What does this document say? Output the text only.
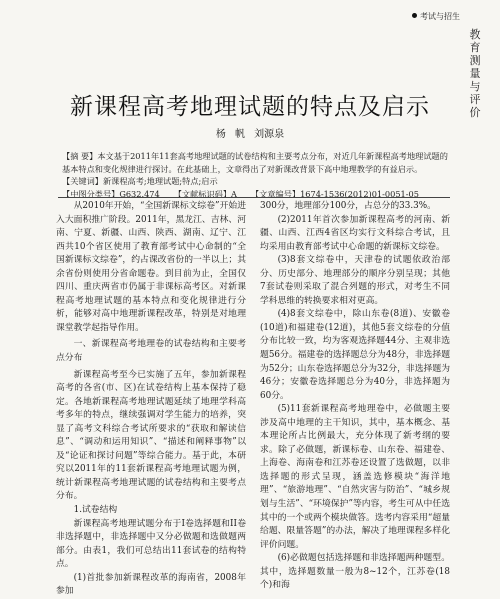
考试与招生
教育测量与评价
新课程高考地理试题的特点及启示
杨 帆 刘源泉

【摘 要】本文基于2011年11套高考地理试题的试卷结构和主要考点分布，对近几年新课程高考地理试题的基本特点和变化规律进行探讨。在此基础上，文章得出了对新课改背景下高中地理教学的有益启示。

【关键词】新课程高考;地理试题;特点;启示

【中图分类号】G632.474 【文献标识码】A 【文章编号】1674-1536(2012)01-0051-05

从2010年开始，“全国新课标文综卷”开始进入大面积推广阶段。2011年，黑龙江、吉林、河南、宁夏、新疆、山西、陕西、湖南、辽宁、江西共10个省区使用了教育部考试中心命制的“全国新课标文综卷”，约占课改省份的一半以上；其余省份则使用分省命题卷。到目前为止，全国仅四川、重庆两省市仍属于非课标高考区。对新课程高考地理试题的基本特点和变化规律进行分析，能够对高中地理新课程改革，特别是对地理课堂教学起指导作用。

一、新课程高考地理卷的试卷结构和主要考点分布

新课程高考至今已实施了五年，参加新课程高考的各省(市、区)在试卷结构上基本保持了稳定。各地新课程高考地理试题延续了地理学科高考多年的特点，继续强调对学生能力的培养，突显了高考文科综合考试所要求的“获取和解读信息”、“调动和运用知识”、“描述和阐释事物”以及“论证和探讨问题”等综合能力。基于此，本研究以2011年的11套新课程高考地理试题为例，统计新课程高考地理试题的试卷结构和主要考点分布。

1.试卷结构

新课程高考地理试题分布于I卷选择题和II卷非选择题中，非选择题中又分必做题和选做题两部分。由表1，我们可总结出11套试卷的结构特点。

(1)首批参加新课程改革的海南省，2008年参加

300分，地理部分100分，占总分的33.3%。

(2)2011年首次参加新课程高考的河南、新疆、山西、江西4省区均实行文科综合考试，且均采用由教育部考试中心命题的新课标文综卷。

(3)8套文综卷中，天津卷的试题依政治部分、历史部分、地理部分的顺序分别呈现；其他7套试卷则采取了混合列题的形式，对考生不同学科思维的转换要求相对更高。

(4)8套文综卷中，除山东卷(8道)、安徽卷(10道)和福建卷(12道)，其他5套文综卷的分值分布比较一致，均为客观选择题44分、主观非选题56分。福建卷的选择题总分为48分，非选择题为52分；山东卷选择题总分为32分，非选择题为46分；安徽卷选择题总分为40分，非选择题为60分。

(5)11套新课程高考地理卷中，必做题主要涉及高中地理的主干知识，其中，基本概念、基本理论所占比例最大，充分体现了新考纲的要求。除了必做题，新课标卷、山东卷、福建卷、上海卷、海南卷和江苏卷还设置了选做题，以非选择题的形式呈现，涵盖选修模块“海洋地理”、“旅游地理”、“自然灾害与防治”、“城乡规划与生活”、“环境保护”等内容，考生可从中任选其中的一个或两个模块做答。选考内容采用“超量给题、限量答题”的办法，解决了地理课程多样化评价问题。

(6)必做题包括选择题和非选择题两种题型。其中，选择题数量一般为8~12个，江苏卷(18个)和海
